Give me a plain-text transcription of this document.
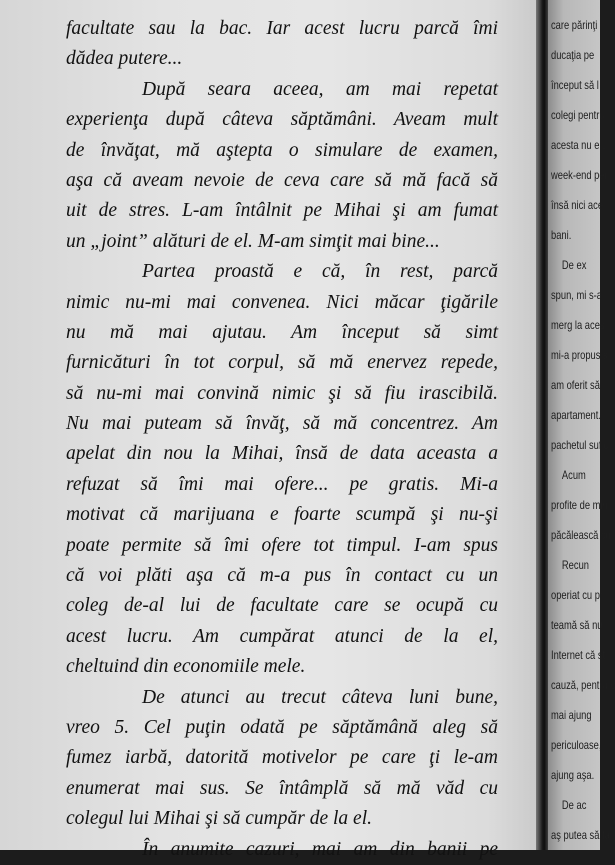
facultate sau la bac. Iar acest lucru parcă îmi
dădea putere...
După seara aceea, am mai repetat
experienţa după câteva săptămâni. Aveam mult
de învăţat, mă aştepta o simulare de examen,
aşa că aveam nevoie de ceva care să mă facă să
uit de stres. L-am întâlnit pe Mihai şi am fumat
un „joint” alături de el. M-am simţit mai bine...
Partea proastă e că, în rest, parcă
nimic nu-mi mai convenea. Nici măcar ţigările
nu mă mai ajutau. Am început să simt
furnicături în tot corpul, să mă enervez repede,
să nu-mi mai convină nimic şi să fiu irascibilă.
Nu mai puteam să învăţ, să mă concentrez. Am
apelat din nou la Mihai, însă de data aceasta a
refuzat să îmi mai ofere... pe gratis. Mi-a
motivat că marijuana e foarte scumpă şi nu-şi
poate permite să îmi ofere tot timpul. I-am spus
că voi plăti aşa că m-a pus în contact cu un
coleg de-al lui de facultate care se ocupă cu
acest lucru. Am cumpărat atunci de la el,
cheltuind din economiile mele.
De atunci au trecut câteva luni bune,
vreo 5. Cel puţin odată pe săptămână aleg să
fumez iarbă, datorită motivelor pe care ţi le-am
enumerat mai sus. Se întâmplă să mă văd cu
colegul lui Mihai şi să cumpăr de la el.
În anumite cazuri, mai am din banii pe
care părinţi
ducaţia pe
început să l
colegi pentru
acesta nu e u
week-end per
însă nici ace
bani.
De ex
spun, mi s-a
merg la aces
mi-a propus s
am oferit să
apartament.
pachetul sufic
Acum
profite de min
păcălească cu
Recun
operiat cu pr
teamă să nu
Internet că st
cauză, pentru c
mai ajung
periculoase,
ajung aşa.
De ac
aş putea să fa
